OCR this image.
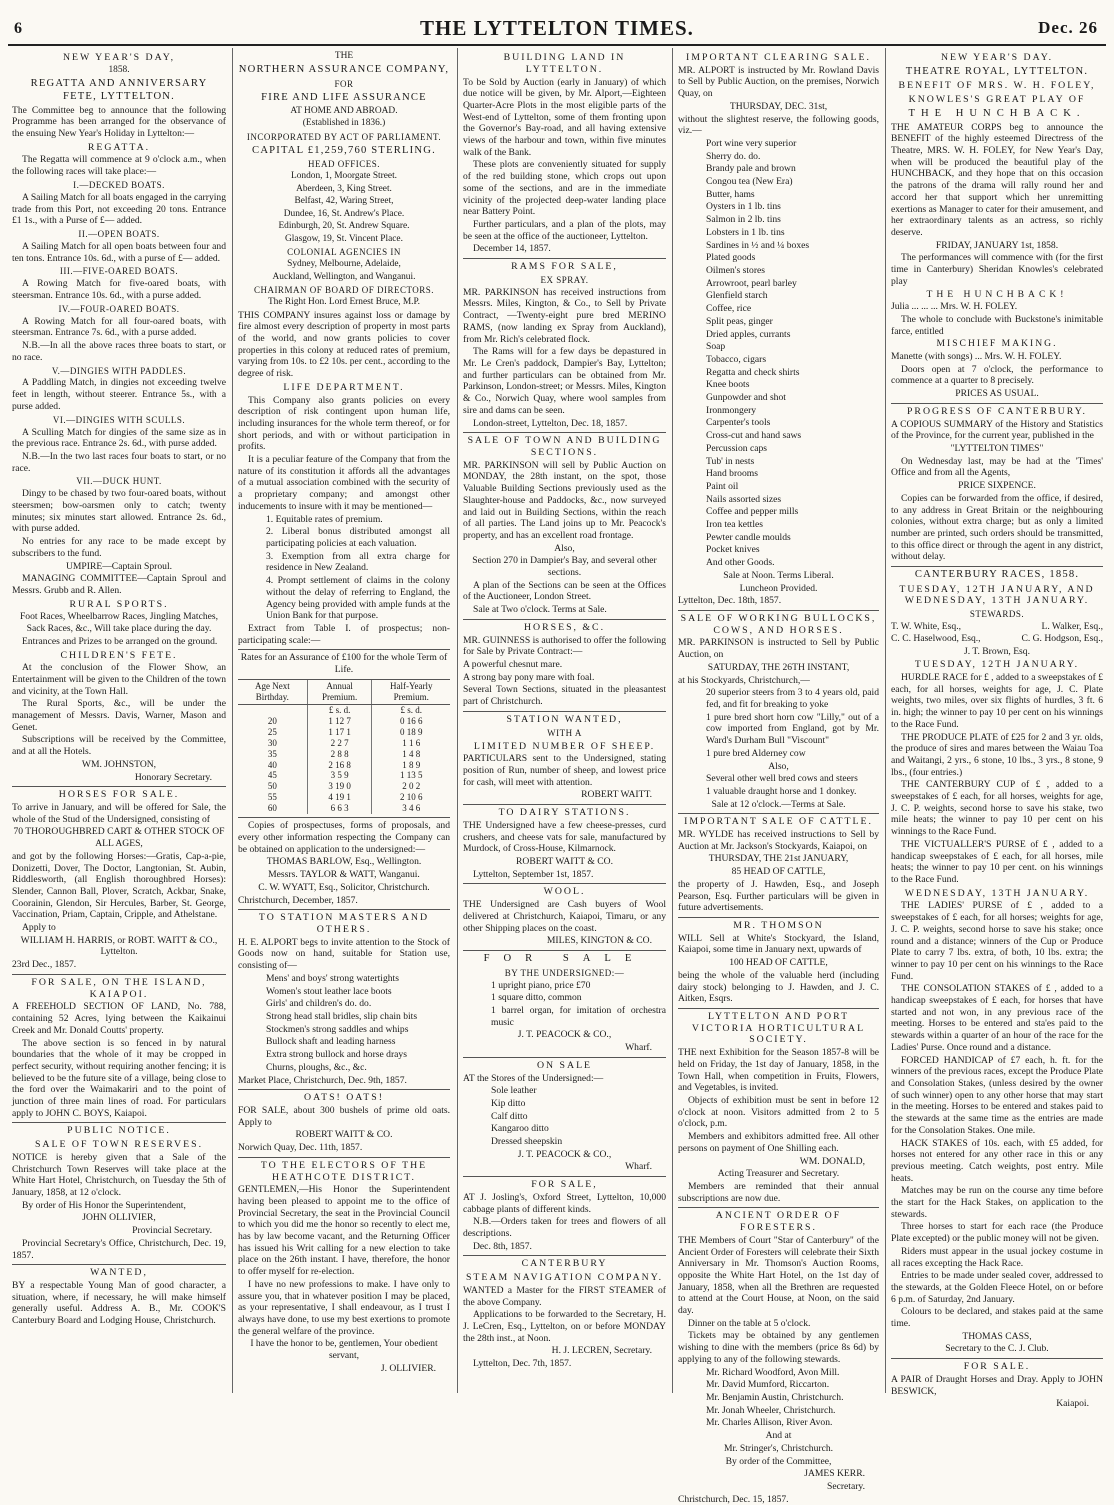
6	THE LYTTELTON TIMES.	Dec. 26
NEW YEAR'S DAY,
1858.
REGATTA AND ANNIVERSARY FETE, LYTTELTON.

The Committee beg to announce that the following Programme has been arranged for the observance of the ensuing New Year's Holiday in Lyttelton:—

REGATTA.

The Regatta will commence at 9 o'clock a.m., when the following races will take place:—

I.—DECKED BOATS.

A Sailing Match for all boats engaged in the carrying trade from this Port, not exceeding 20 tons. Entrance £1 1s., with a Purse of £— added.

II.—OPEN BOATS.

A Sailing Match for all open boats between four and ten tons. Entrance 10s. 6d., with a purse of £— added.

III.—FIVE-OARED BOATS.

A Rowing Match for five-oared boats, with steersman. Entrance 10s. 6d., with a purse added.

IV.—FOUR-OARED BOATS.

A Rowing Match for all four-oared boats, with steersman. Entrance 7s. 6d., with a purse added.

N.B.—In all the above races three boats to start, or no race.

V.—DINGIES WITH PADDLES.

A Paddling Match, in dingies not exceeding twelve feet in length, without steerer. Entrance 5s., with a purse added.

VI.—DINGIES WITH SCULLS.

A Sculling Match for dingies of the same size as in the previous race. Entrance 2s. 6d., with purse added.

N.B.—In the two last races four boats to start, or no race.

VII.—DUCK HUNT.

Dingy to be chased by two four-oared boats, without steersmen; bow-oarsmen only to catch; twenty minutes; six minutes start allowed. Entrance 2s. 6d., with purse added.

No entries for any race to be made except by subscribers to the fund.

UMPIRE—Captain Sproul.

MANAGING COMMITTEE—Captain Sproul and Messrs. Grubb and R. Allen.

RURAL SPORTS.

Foot Races, Wheelbarrow Races, Jingling Matches, Sack Races, &c., Will take place during the day.

Entrances and Prizes to be arranged on the ground.

CHILDREN'S FETE.

At the conclusion of the Flower Show, an Entertainment will be given to the Children of the town and vicinity, at the Town Hall.

The Rural Sports, &c., will be under the management of Messrs. Davis, Warner, Mason and Genet.

Subscriptions will be received by the Committee, and at all the Hotels.

WM. JOHNSTON,

Honorary Secretary.

HORSES FOR SALE.

To arrive in January, and will be offered for Sale, the whole of the Stud of the Undersigned, consisting of

70 THOROUGHBRED CART & OTHER STOCK OF ALL AGES,

and got by the following Horses:—Gratis, Cap-a-pie, Donizetti, Dover, The Doctor, Langtonian, St. Aubin, Riddlesworth, (all English thoroughbred Horses): Slender, Cannon Ball, Plover, Scratch, Ackbar, Snake, Coorainin, Glendon, Sir Hercules, Barber, St. George, Vaccination, Priam, Captain, Cripple, and Athelstane.

Apply to

WILLIAM H. HARRIS, or ROBT. WAITT & CO., Lyttelton.

23rd Dec., 1857.

FOR SALE, ON THE ISLAND, KAIAPOI.

A FREEHOLD SECTION OF LAND, No. 788, containing 52 Acres, lying between the Kaikainui Creek and Mr. Donald Coutts' property.

The above section is so fenced in by natural boundaries that the whole of it may be cropped in perfect security, without requiring another fencing; it is believed to be the future site of a village, being close to the ford over the Waimakariri and to the point of junction of three main lines of road. For particulars apply to JOHN C. BOYS, Kaiapoi.

PUBLIC NOTICE.
SALE OF TOWN RESERVES.

NOTICE is hereby given that a Sale of the Christchurch Town Reserves will take place at the White Hart Hotel, Christchurch, on Tuesday the 5th of January, 1858, at 12 o'clock.

By order of His Honor the Superintendent,

JOHN OLLIVIER,

Provincial Secretary.

Provincial Secretary's Office, Christchurch, Dec. 19, 1857.

WANTED,

BY a respectable Young Man of good character, a situation, where, if necessary, he will make himself generally useful. Address A. B., Mr. COOK'S Canterbury Board and Lodging House, Christchurch.

THE
NORTHERN ASSURANCE COMPANY,
FOR
FIRE AND LIFE ASSURANCE
AT HOME AND ABROAD.
(Established in 1836.)
INCORPORATED BY ACT OF PARLIAMENT.
CAPITAL £1,259,760 STERLING.
HEAD OFFICES.
London, 1, Moorgate Street.
Aberdeen, 3, King Street.
Belfast, 42, Waring Street,
Dundee, 16, St. Andrew's Place.
Edinburgh, 20, St. Andrew Square.
Glasgow, 19, St. Vincent Place.
COLONIAL AGENCIES IN
Sydney, Melbourne, Adelaide,
Auckland, Wellington, and Wanganui.
CHAIRMAN OF BOARD OF DIRECTORS.
The Right Hon. Lord Ernest Bruce, M.P.

THIS COMPANY insures against loss or damage by fire almost every description of property in most parts of the world, and now grants policies to cover properties in this colony at reduced rates of premium, varying from 10s. to £2 10s. per cent., according to the degree of risk.

LIFE DEPARTMENT.

This Company also grants policies on every description of risk contingent upon human life, including insurances for the whole term thereof, or for short periods, and with or without participation in profits.

It is a peculiar feature of the Company that from the nature of its constitution it affords all the advantages of a mutual association combined with the security of a proprietary company; and amongst other inducements to insure with it may be mentioned—

1. Equitable rates of premium.

2. Liberal bonus distributed amongst all participating policies at each valuation.

3. Exemption from all extra charge for residence in New Zealand.

4. Prompt settlement of claims in the colony without the delay of referring to England, the Agency being provided with ample funds at the Union Bank for that purpose.

Extract from Table I. of prospectus; non-participating scale:—

Rates for an Assurance of £100 for the whole Term of Life.

Age Next Birthday.	Annual Premium.	Half-Yearly Premium.
	£ s. d.	£ s. d.
20	1 12 7	0 16 6
25	1 17 1	0 18 9
30	2 2 7	1 1 6
35	2 8 8	1 4 8
40	2 16 8	1 8 9
45	3 5 9	1 13 5
50	3 19 0	2 0 2
55	4 19 1	2 10 6
60	6 6 3	3 4 6

Copies of prospectuses, forms of proposals, and every other information respecting the Company can be obtained on application to the undersigned:—

THOMAS BARLOW, Esq., Wellington.

Messrs. TAYLOR & WATT, Wanganui.

C. W. WYATT, Esq., Solicitor, Christchurch.

Christchurch, December, 1857.

TO STATION MASTERS AND OTHERS.

H. E. ALPORT begs to invite attention to the Stock of Goods now on hand, suitable for Station use, consisting of—

Mens' and boys' strong watertights

Women's stout leather lace boots

Girls' and children's do. do.

Strong head stall bridles, slip chain bits

Stockmen's strong saddles and whips

Bullock shaft and leading harness

Extra strong bullock and horse drays

Churns, ploughs, &c., &c.

Market Place, Christchurch, Dec. 9th, 1857.

OATS! OATS!

FOR SALE, about 300 bushels of prime old oats. Apply to

ROBERT WAITT & CO.

Norwich Quay, Dec. 11th, 1857.

TO THE ELECTORS OF THE HEATHCOTE DISTRICT.

GENTLEMEN,—His Honor the Superintendent having been pleased to appoint me to the office of Provincial Secretary, the seat in the Provincial Council to which you did me the honor so recently to elect me, has by law become vacant, and the Returning Officer has issued his Writ calling for a new election to take place on the 26th instant. I have, therefore, the honor to offer myself for re-election.

I have no new professions to make. I have only to assure you, that in whatever position I may be placed, as your representative, I shall endeavour, as I trust I always have done, to use my best exertions to promote the general welfare of the province.

I have the honor to be, gentlemen, Your obedient servant,

J. OLLIVIER.

BUILDING LAND IN LYTTELTON.

To be Sold by Auction (early in January) of which due notice will be given, by Mr. Alport,—Eighteen Quarter-Acre Plots in the most eligible parts of the West-end of Lyttelton, some of them fronting upon the Governor's Bay-road, and all having extensive views of the harbour and town, within five minutes walk of the Bank.

These plots are conveniently situated for supply of the red building stone, which crops out upon some of the sections, and are in the immediate vicinity of the projected deep-water landing place near Battery Point.

Further particulars, and a plan of the plots, may be seen at the office of the auctioneer, Lyttelton.

December 14, 1857.

RAMS FOR SALE,
EX SPRAY.

MR. PARKINSON has received instructions from Messrs. Miles, Kington, & Co., to Sell by Private Contract, —Twenty-eight pure bred MERINO RAMS, (now landing ex Spray from Auckland), from Mr. Rich's celebrated flock.

The Rams will for a few days be depastured in Mr. Le Cren's paddock, Dampier's Bay, Lyttelton; and further particulars can be obtained from Mr. Parkinson, London-street; or Messrs. Miles, Kington & Co., Norwich Quay, where wool samples from sire and dams can be seen.

London-street, Lyttelton, Dec. 18, 1857.

SALE OF TOWN AND BUILDING SECTIONS.

MR. PARKINSON will sell by Public Auction on MONDAY, the 28th instant, on the spot, those Valuable Building Sections previously used as the Slaughter-house and Paddocks, &c., now surveyed and laid out in Building Sections, within the reach of all parties. The Land joins up to Mr. Peacock's property, and has an excellent road frontage.

Also,

Section 270 in Dampier's Bay, and several other sections.

A plan of the Sections can be seen at the Offices of the Auctioneer, London Street.

Sale at Two o'clock. Terms at Sale.

HORSES, &C.

MR. GUINNESS is authorised to offer the following for Sale by Private Contract:—

A powerful chesnut mare.

A strong bay pony mare with foal.

Several Town Sections, situated in the pleasantest part of Christchurch.

STATION WANTED,
WITH A
LIMITED NUMBER OF SHEEP.

PARTICULARS sent to the Undersigned, stating position of Run, number of sheep, and lowest price for cash, will meet with attention.

ROBERT WAITT.

TO DAIRY STATIONS.

THE Undersigned have a few cheese-presses, curd crushers, and cheese vats for sale, manufactured by Murdock, of Cross-House, Kilmarnock.

ROBERT WAITT & CO.

Lyttelton, September 1st, 1857.

WOOL.

THE Undersigned are Cash buyers of Wool delivered at Christchurch, Kaiapoi, Timaru, or any other Shipping places on the coast.

MILES, KINGTON & CO.

FOR SALE
BY THE UNDERSIGNED:—

1 upright piano, price £70

1 square ditto, common

1 barrel organ, for imitation of orchestra music

J. T. PEACOCK & CO.,

Wharf.

ON SALE

AT the Stores of the Undersigned:—

Sole leather

Kip ditto

Calf ditto

Kangaroo ditto

Dressed sheepskin

J. T. PEACOCK & CO.,

Wharf.

FOR SALE,

AT J. Josling's, Oxford Street, Lyttelton, 10,000 cabbage plants of different kinds.

N.B.—Orders taken for trees and flowers of all descriptions.

Dec. 8th, 1857.

CANTERBURY
STEAM NAVIGATION COMPANY.

WANTED a Master for the FIRST STEAMER of the above Company.

Applications to be forwarded to the Secretary, H. J. LeCren, Esq., Lyttelton, on or before MONDAY the 28th inst., at Noon.

H. J. LECREN, Secretary.

Lyttelton, Dec. 7th, 1857.

IMPORTANT CLEARING SALE.

MR. ALPORT is instructed by Mr. Rowland Davis to Sell by Public Auction, on the premises, Norwich Quay, on

THURSDAY, DEC. 31st,

without the slightest reserve, the following goods, viz.—

Port wine very superior

Sherry do. do.

Brandy pale and brown

Congou tea (New Era)

Butter, hams

Oysters in 1 lb. tins

Salmon in 2 lb. tins

Lobsters in 1 lb. tins

Sardines in ½ and ¼ boxes

Plated goods

Oilmen's stores

Arrowroot, pearl barley

Glenfield starch

Coffee, rice

Split peas, ginger

Dried apples, currants

Soap

Tobacco, cigars

Regatta and check shirts

Knee boots

Gunpowder and shot

Ironmongery

Carpenter's tools

Cross-cut and hand saws

Percussion caps

Tub' in nests

Hand brooms

Paint oil

Nails assorted sizes

Coffee and pepper mills

Iron tea kettles

Pewter candle moulds

Pocket knives

And other Goods.

Sale at Noon. Terms Liberal.

Luncheon Provided.

Lyttelton, Dec. 18th, 1857.

SALE OF WORKING BULLOCKS, COWS, AND HORSES.

MR. PARKINSON is instructed to Sell by Public Auction, on

SATURDAY, THE 26TH INSTANT,

at his Stockyards, Christchurch,—

20 superior steers from 3 to 4 years old, paid fed, and fit for breaking to yoke

1 pure bred short horn cow "Lilly," out of a cow imported from England, got by Mr. Ward's Durham Bull "Viscount"

1 pure bred Alderney cow

Also,

Several other well bred cows and steers

1 valuable draught horse and 1 donkey.

Sale at 12 o'clock.—Terms at Sale.

IMPORTANT SALE OF CATTLE.

MR. WYLDE has received instructions to Sell by Auction at Mr. Jackson's Stockyards, Kaiapoi, on

THURSDAY, THE 21st JANUARY,

85 HEAD OF CATTLE,

the property of J. Hawden, Esq., and Joseph Pearson, Esq. Further particulars will be given in future advertisements.

MR. THOMSON

WILL Sell at White's Stockyard, the Island, Kaiapoi, some time in January next, upwards of

100 HEAD OF CATTLE,

being the whole of the valuable herd (including dairy stock) belonging to J. Hawden, and J. C. Aitken, Esqrs.

LYTTELTON AND PORT VICTORIA HORTICULTURAL SOCIETY.

THE next Exhibition for the Season 1857-8 will be held on Friday, the 1st day of January, 1858, in the Town Hall, when competition in Fruits, Flowers, and Vegetables, is invited.

Objects of exhibition must be sent in before 12 o'clock at noon. Visitors admitted from 2 to 5 o'clock, p.m.

Members and exhibitors admitted free. All other persons on payment of One Shilling each.

WM. DONALD,

Acting Treasurer and Secretary.

Members are reminded that their annual subscriptions are now due.

ANCIENT ORDER OF FORESTERS.

THE Members of Court "Star of Canterbury" of the Ancient Order of Foresters will celebrate their Sixth Anniversary in Mr. Thomson's Auction Rooms, opposite the White Hart Hotel, on the 1st day of January, 1858, when all the Brethren are requested to attend at the Court House, at Noon, on the said day.

Dinner on the table at 5 o'clock.

Tickets may be obtained by any gentlemen wishing to dine with the members (price 8s 6d) by applying to any of the following stewards.

Mr. Richard Woodford, Avon Mill.

Mr. David Mumford, Riccarton.

Mr. Benjamin Austin, Christchurch.

Mr. Jonah Wheeler, Christchurch.

Mr. Charles Allison, River Avon.

And at

Mr. Stringer's, Christchurch.

By order of the Committee,

JAMES KERR.

Secretary.

Christchurch, Dec. 15, 1857.

NEW YEAR'S DAY.
THEATRE ROYAL, LYTTELTON.
BENEFIT OF MRS. W. H. FOLEY,
KNOWLES'S GREAT PLAY OF
THE HUNCHBACK.

THE AMATEUR CORPS beg to announce the BENEFIT of the highly esteemed Directress of the Theatre, MRS. W. H. FOLEY, for New Year's Day, when will be produced the beautiful play of the HUNCHBACK, and they hope that on this occasion the patrons of the drama will rally round her and accord her that support which her unremitting exertions as Manager to cater for their amusement, and her extraordinary talents as an actress, so richly deserve.

FRIDAY, JANUARY 1st, 1858.

The performances will commence with (for the first time in Canterbury) Sheridan Knowles's celebrated play

THE HUNCHBACK!

Julia ... ... ... Mrs. W. H. FOLEY.

The whole to conclude with Buckstone's inimitable farce, entitled

MISCHIEF MAKING.

Manette (with songs) ... Mrs. W. H. FOLEY.

Doors open at 7 o'clock, the performance to commence at a quarter to 8 precisely.

PRICES AS USUAL.

PROGRESS OF CANTERBURY.

A COPIOUS SUMMARY of the History and Statistics of the Province, for the current year, published in the

"LYTTELTON TIMES"

On Wednesday last, may be had at the 'Times' Office and from all the Agents,

PRICE SIXPENCE.

Copies can be forwarded from the office, if desired, to any address in Great Britain or the neighbouring colonies, without extra charge; but as only a limited number are printed, such orders should be transmitted, to this office direct or through the agent in any district, without delay.

CANTERBURY RACES, 1858.
TUESDAY, 12TH JANUARY, AND WEDNESDAY, 13TH JANUARY.
STEWARDS.
T. W. White, Esq.,	L. Walker, Esq.,
C. C. Haselwood, Esq.,	C. G. Hodgson, Esq.,

J. T. Brown, Esq.

TUESDAY, 12TH JANUARY.

HURDLE RACE for £ , added to a sweepstakes of £ each, for all horses, weights for age, J. C. Plate weights, two miles, over six flights of hurdles, 3 ft. 6 in. high; the winner to pay 10 per cent on his winnings to the Race Fund.

THE PRODUCE PLATE of £25 for 2 and 3 yr. olds, the produce of sires and mares between the Waiau Toa and Waitangi, 2 yrs., 6 stone, 10 lbs., 3 yrs., 8 stone, 9 lbs., (four entries.)

THE CANTERBURY CUP of £ , added to a sweepstakes of £ each, for all horses, weights for age, J. C. P. weights, second horse to save his stake, two mile heats; the winner to pay 10 per cent on his winnings to the Race Fund.

THE VICTUALLER'S PURSE of £ , added to a handicap sweepstakes of £ each, for all horses, mile heats; the winner to pay 10 per cent. on his winnings to the Race Fund.

WEDNESDAY, 13TH JANUARY.

THE LADIES' PURSE of £ , added to a sweepstakes of £ each, for all horses; weights for age, J. C. P. weights, second horse to save his stake; once round and a distance; winners of the Cup or Produce Plate to carry 7 lbs. extra, of both, 10 lbs. extra; the winner to pay 10 per cent on his winnings to the Race Fund.

THE CONSOLATION STAKES of £ , added to a handicap sweepstakes of £ each, for horses that have started and not won, in any previous race of the meeting. Horses to be entered and sta'es paid to the stewards within a quarter of an hour of the race for the Ladies' Purse. Once round and a distance.

FORCED HANDICAP of £7 each, h. ft. for the winners of the previous races, except the Produce Plate and Consolation Stakes, (unless desired by the owner of such winner) open to any other horse that may start in the meeting. Horses to be entered and stakes paid to the stewards at the same time as the entries are made for the Consolation Stakes. One mile.

HACK STAKES of 10s. each, with £5 added, for horses not entered for any other race in this or any previous meeting. Catch weights, post entry. Mile heats.

Matches may be run on the course any time before the start for the Hack Stakes, on application to the stewards.

Three horses to start for each race (the Produce Plate excepted) or the public money will not be given.

Riders must appear in the usual jockey costume in all races excepting the Hack Race.

Entries to be made under sealed cover, addressed to the stewards, at the Golden Fleece Hotel, on or before 6 p.m. of Saturday, 2nd January.

Colours to be declared, and stakes paid at the same time.

THOMAS CASS,

Secretary to the C. J. Club.

FOR SALE.

A PAIR of Draught Horses and Dray. Apply to JOHN BESWICK,

Kaiapoi.
